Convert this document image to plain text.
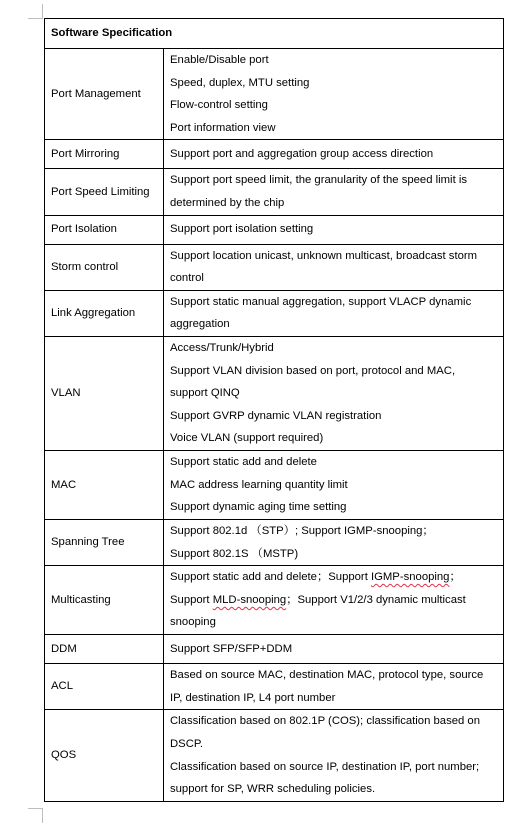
Software Specification	
Port Management	Enable/Disable port
Speed, duplex, MTU setting
Flow-control setting
Port information view

Port Mirroring	Support port and aggregation group access direction

Port Speed Limiting	Support port speed limit, the granularity of the speed limit is determined by the chip
Port Isolation	Support port isolation setting

Storm control	Support location unicast, unknown multicast, broadcast storm control
Link Aggregation	Support static manual aggregation, support VLACP dynamic aggregation
VLAN	Access/Trunk/Hybrid
Support VLAN division based on port, protocol and MAC,
support QINQ
Support GVRP dynamic VLAN registration
Voice VLAN (support required)

MAC	Support static add and delete
MAC address learning quantity limit
Support dynamic aging time setting

Spanning Tree	Support 802.1d （STP）; Support IGMP-snooping；
Support 802.1S （MSTP)

Multicasting	Support static add and delete；Support IGMP-snooping；
Support MLD-snooping；Support V1/2/3 dynamic multicast snooping
DDM	Support SFP/SFP+DDM

ACL	Based on source MAC, destination MAC, protocol type, source IP, destination IP, L4 port number
QOS	Classification based on 802.1P (COS); classification based on DSCP.
Classification based on source IP, destination IP, port number; support for SP, WRR scheduling policies.
